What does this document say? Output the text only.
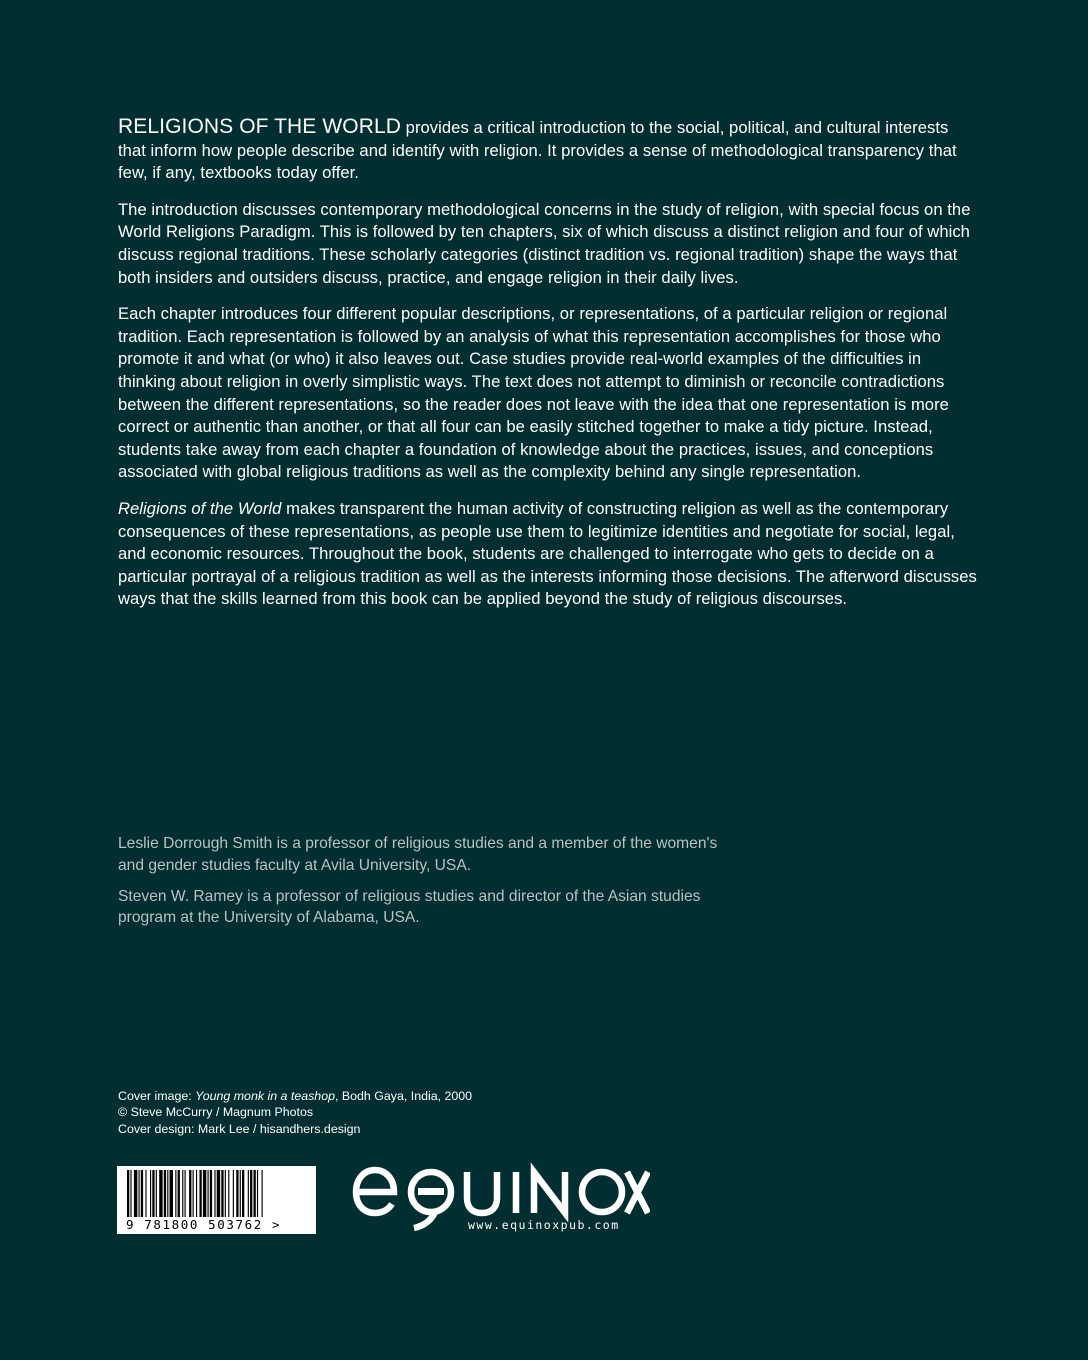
RELIGIONS OF THE WORLD provides a critical introduction to the social, political, and cultural interests that inform how people describe and identify with religion. It provides a sense of methodological transparency that few, if any, textbooks today offer.

The introduction discusses contemporary methodological concerns in the study of religion, with special focus on the World Religions Paradigm. This is followed by ten chapters, six of which discuss a distinct religion and four of which discuss regional traditions. These scholarly categories (distinct tradition vs. regional tradition) shape the ways that both insiders and outsiders discuss, practice, and engage religion in their daily lives.

Each chapter introduces four different popular descriptions, or representations, of a particular religion or regional tradition. Each representation is followed by an analysis of what this representation accomplishes for those who promote it and what (or who) it also leaves out. Case studies provide real-world examples of the difficulties in thinking about religion in overly simplistic ways. The text does not attempt to diminish or reconcile contradictions between the different representations, so the reader does not leave with the idea that one representation is more correct or authentic than another, or that all four can be easily stitched together to make a tidy picture. Instead, students take away from each chapter a foundation of knowledge about the practices, issues, and conceptions associated with global religious traditions as well as the complexity behind any single representation.

Religions of the World makes transparent the human activity of constructing religion as well as the contemporary consequences of these representations, as people use them to legitimize identities and negotiate for social, legal, and economic resources. Throughout the book, students are challenged to interrogate who gets to decide on a particular portrayal of a religious tradition as well as the interests informing those decisions. The afterword discusses ways that the skills learned from this book can be applied beyond the study of religious discourses.

Leslie Dorrough Smith is a professor of religious studies and a member of the women's and gender studies faculty at Avila University, USA.

Steven W. Ramey is a professor of religious studies and director of the Asian studies program at the University of Alabama, USA.

Cover image: Young monk in a teashop, Bodh Gaya, India, 2000
© Steve McCurry / Magnum Photos
Cover design: Mark Lee / hisandhers.design
9 781800 503762 >	www.equinoxpub.com
